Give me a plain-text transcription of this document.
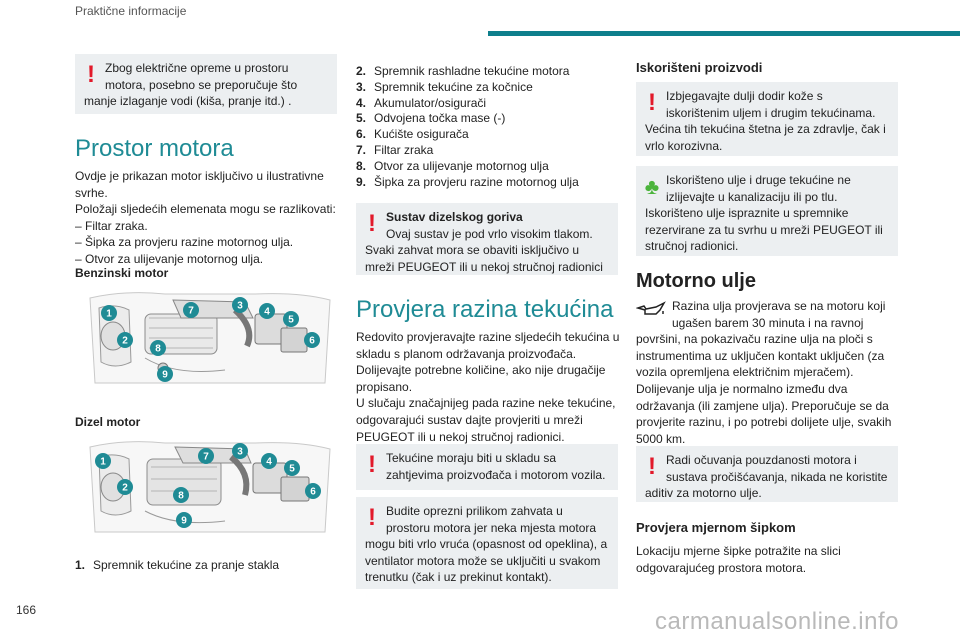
Praktične informacije
! Zbog električne opreme u prostoru motora, posebno se preporučuje što manje izlaganje vodi (kiša, pranje itd.) .
Prostor motora

Ovdje je prikazan motor isključivo u ilustrativne svrhe.

Položaji sljedećih elemenata mogu se razlikovati:

– Filtar zraka.

– Šipka za provjeru razine motornog ulja.

– Otvor za ulijevanje motornog ulja.

Benzinski motor
1
2
3
4
5
6
7
8
9
Dizel motor
1
2
3
4
5
6
7
8
9
1. Spremnik tekućine za pranje stakla
2. Spremnik rashladne tekućine motora
3. Spremnik tekućine za kočnice
4. Akumulator/osigurači
5. Odvojena točka mase (-)
6. Kućište osigurača
7. Filtar zraka
8. Otvor za ulijevanje motornog ulja
9. Šipka za provjeru razine motornog ulja
! Sustav dizelskog goriva
Ovaj sustav je pod vrlo visokim tlakom. Svaki zahvat mora se obaviti isključivo u mreži PEUGEOT ili u nekoj stručnoj radionici
Provjera razina tekućina

Redovito provjeravajte razine sljedećih tekućina u skladu s planom održavanja proizvođača. Dolijevajte potrebne količine, ako nije drugačije propisano.

U slučaju značajnijeg pada razine neke tekućine, odgovarajući sustav dajte provjeriti u mreži PEUGEOT ili u nekoj stručnoj radionici.

! Tekućine moraju biti u skladu sa zahtjevima proizvođača i motorom vozila.
! Budite oprezni prilikom zahvata u prostoru motora jer neka mjesta motora mogu biti vrlo vruća (opasnost od opeklina), a ventilator motora može se uključiti u svakom trenutku (čak i uz prekinut kontakt).
Iskorišteni proizvodi
! Izbjegavajte dulji dodir kože s iskorištenim uljem i drugim tekućinama. Većina tih tekućina štetna je za zdravlje, čak i vrlo korozivna.
♣ Iskorišteno ulje i druge tekućine ne izlijevajte u kanalizaciju ili po tlu. Iskorišteno ulje ispraznite u spremnike rezervirane za tu svrhu u mreži PEUGEOT ili stručnoj radionici.
Motorno ulje

Razina ulja provjerava se na motoru koji ugašen barem 30 minuta i na ravnoj površini, na pokazivaču razine ulja na ploči s instrumentima uz uključen kontakt uključen (za vozila opremljena električnim mjeračem). Dolijevanje ulja je normalno između dva održavanja (ili zamjene ulja). Preporučuje se da provjerite razinu, i po potrebi dolijete ulje, svakih 5000 km.

! Radi očuvanja pouzdanosti motora i sustava pročišćavanja, nikada ne koristite aditiv za motorno ulje.
Provjera mjernom šipkom

Lokaciju mjerne šipke potražite na slici odgovarajućeg prostora motora.

166	carmanualsonline.info
